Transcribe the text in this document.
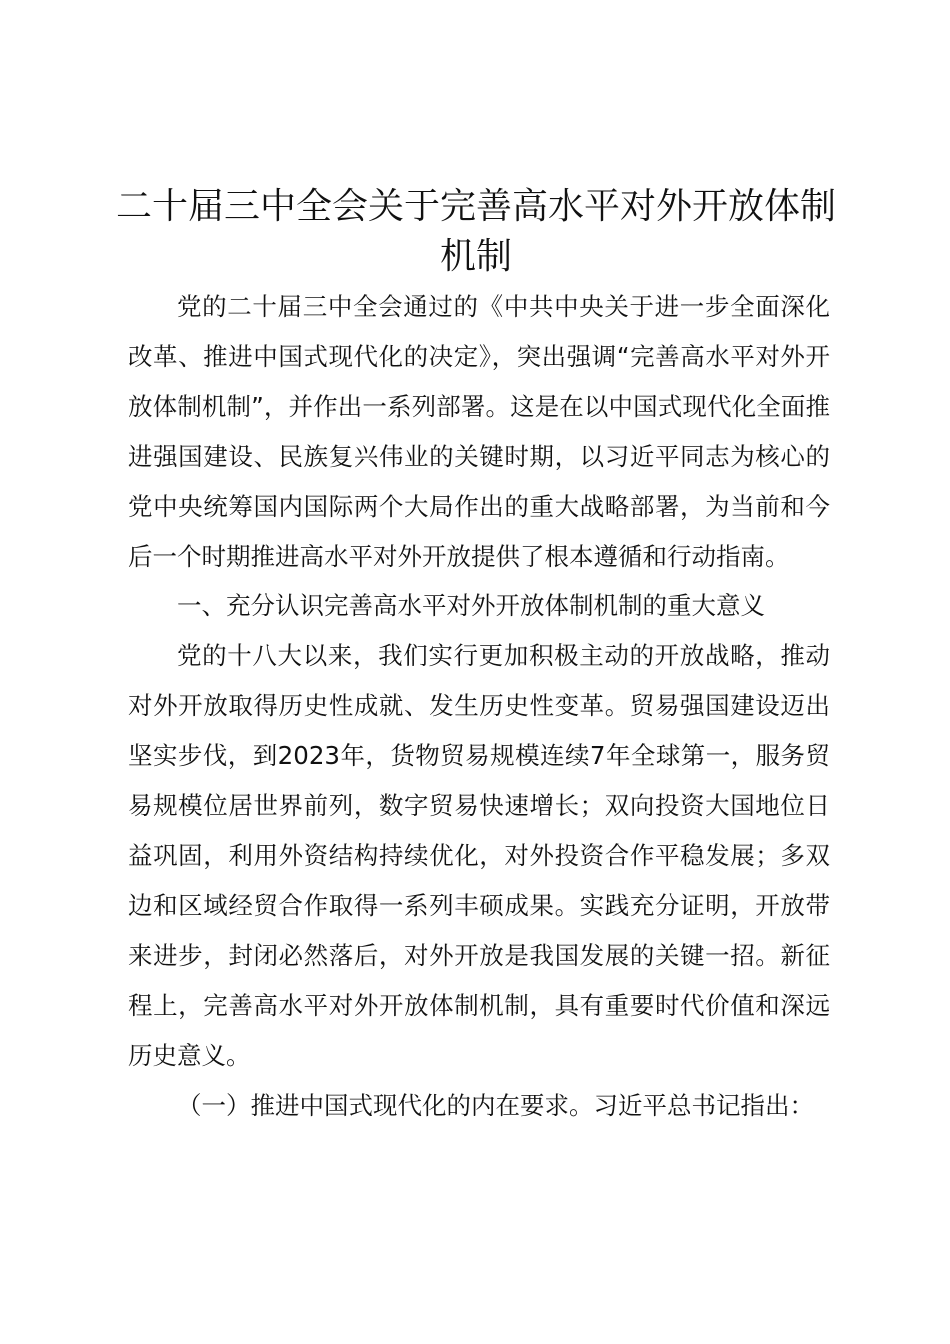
二十届三中全会关于完善高水平对外开放体制机制

党的二十届三中全会通过的《中共中央关于进一步全面深化改革、推进中国式现代化的决定》，突出强调“完善高水平对外开放体制机制”，并作出一系列部署。这是在以中国式现代化全面推进强国建设、民族复兴伟业的关键时期，以习近平同志为核心的党中央统筹国内国际两个大局作出的重大战略部署，为当前和今后一个时期推进高水平对外开放提供了根本遵循和行动指南。

一、充分认识完善高水平对外开放体制机制的重大意义

党的十八大以来，我们实行更加积极主动的开放战略，推动对外开放取得历史性成就、发生历史性变革。贸易强国建设迈出坚实步伐，到2023年，货物贸易规模连续7年全球第一，服务贸易规模位居世界前列，数字贸易快速增长；双向投资大国地位日益巩固，利用外资结构持续优化，对外投资合作平稳发展；多双边和区域经贸合作取得一系列丰硕成果。实践充分证明，开放带来进步，封闭必然落后，对外开放是我国发展的关键一招。新征程上，完善高水平对外开放体制机制，具有重要时代价值和深远历史意义。

（一）推进中国式现代化的内在要求。习近平总书记指出：
